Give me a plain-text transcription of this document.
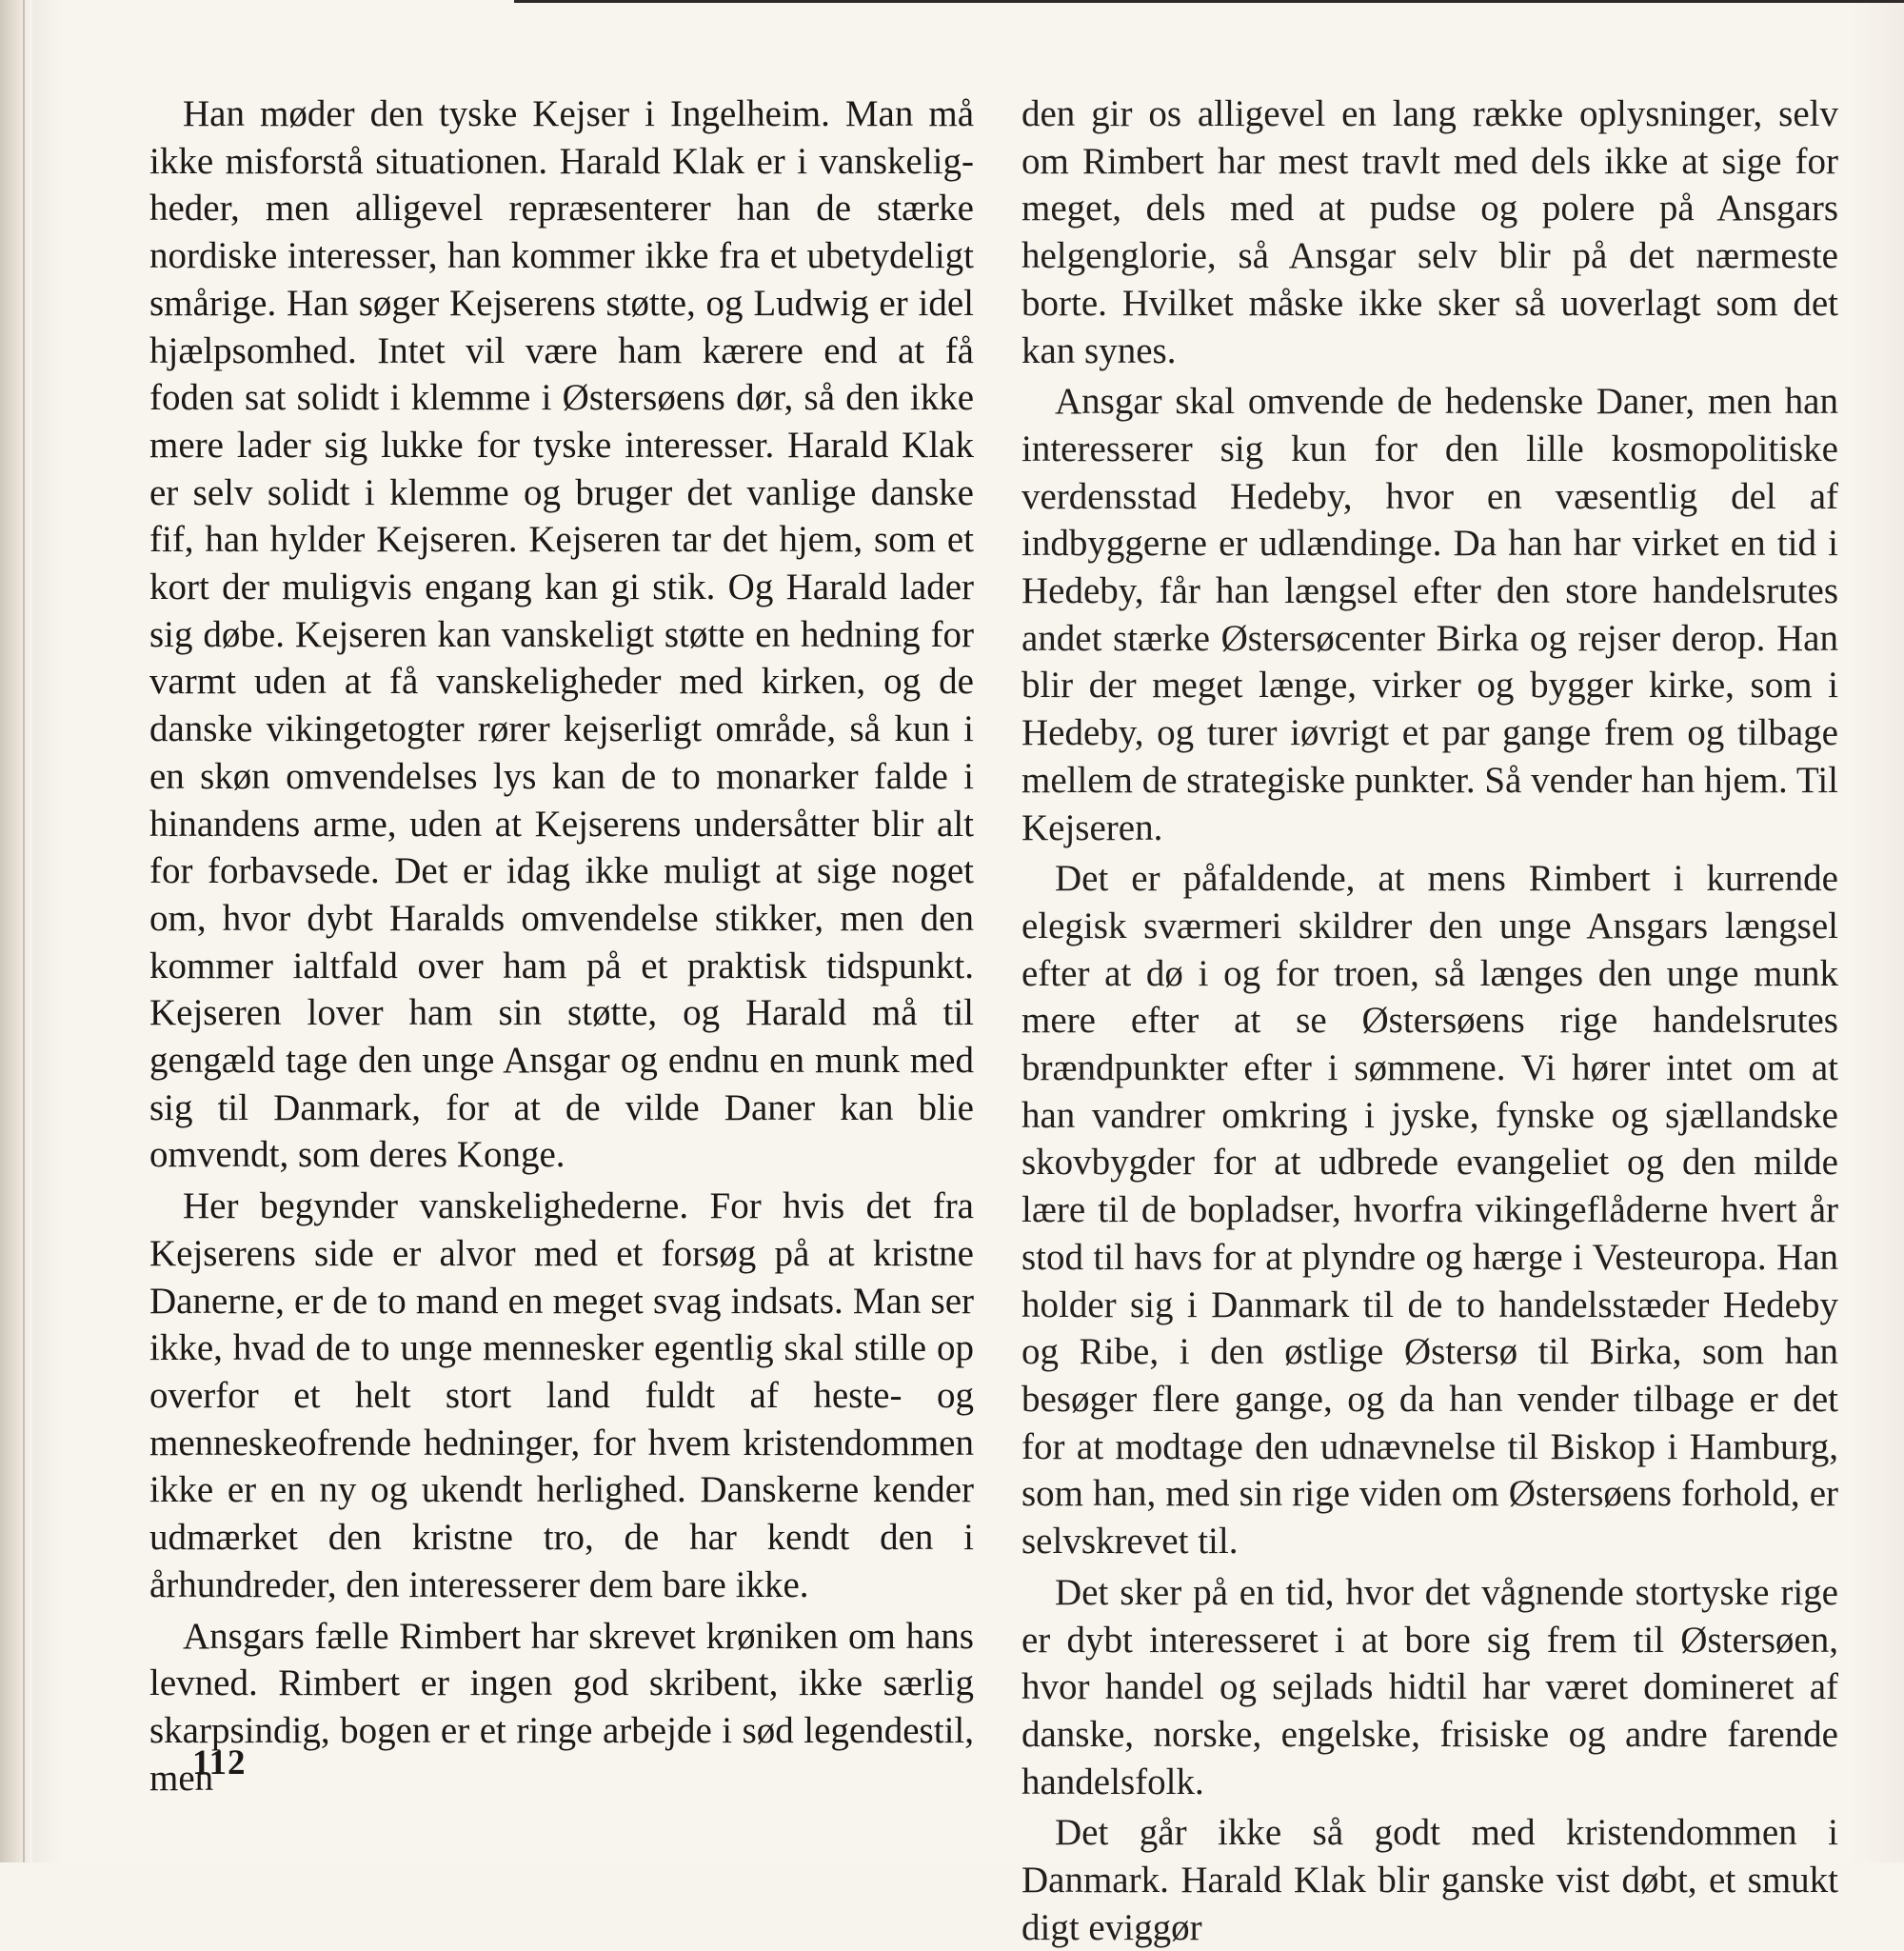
Han møder den tyske Kejser i Ingelheim. Man må ikke misforstå situationen. Harald Klak er i vanskeligheder, men alligevel repræsenterer han de stærke nordiske interesser, han kommer ikke fra et ubetydeligt smårige. Han søger Kejserens støtte, og Ludwig er idel hjælpsomhed. Intet vil være ham kærere end at få foden sat solidt i klemme i Østersøens dør, så den ikke mere lader sig lukke for tyske interesser. Harald Klak er selv solidt i klemme og bruger det vanlige danske fif, han hylder Kejseren. Kejseren tar det hjem, som et kort der muligvis engang kan gi stik. Og Harald lader sig døbe. Kejseren kan vanskeligt støtte en hedning for varmt uden at få vanskeligheder med kirken, og de danske vikingetogter rører kejserligt område, så kun i en skøn omvendelses lys kan de to monarker falde i hinandens arme, uden at Kejserens undersåtter blir alt for forbavsede. Det er idag ikke muligt at sige noget om, hvor dybt Haralds omvendelse stikker, men den kommer ialtfald over ham på et praktisk tidspunkt. Kejseren lover ham sin støtte, og Harald må til gengæld tage den unge Ansgar og endnu en munk med sig til Danmark, for at de vilde Daner kan blie omvendt, som deres Konge.

Her begynder vanskelighederne. For hvis det fra Kejserens side er alvor med et forsøg på at kristne Danerne, er de to mand en meget svag indsats. Man ser ikke, hvad de to unge mennesker egentlig skal stille op overfor et helt stort land fuldt af heste- og menneskeofrende hedninger, for hvem kristendommen ikke er en ny og ukendt herlighed. Danskerne kender udmærket den kristne tro, de har kendt den i århundreder, den interesserer dem bare ikke.

Ansgars fælle Rimbert har skrevet krøniken om hans levned. Rimbert er ingen god skribent, ikke særlig skarpsindig, bogen er et ringe arbejde i sød legendestil, men

den gir os alligevel en lang række oplysninger, selv om Rimbert har mest travlt med dels ikke at sige for meget, dels med at pudse og polere på Ansgars helgenglorie, så Ansgar selv blir på det nærmeste borte. Hvilket måske ikke sker så uoverlagt som det kan synes.

Ansgar skal omvende de hedenske Daner, men han interesserer sig kun for den lille kosmopolitiske verdensstad Hedeby, hvor en væsentlig del af indbyggerne er udlændinge. Da han har virket en tid i Hedeby, får han længsel efter den store handelsrutes andet stærke Østersøcenter Birka og rejser derop. Han blir der meget længe, virker og bygger kirke, som i Hedeby, og turer iøvrigt et par gange frem og tilbage mellem de strategiske punkter. Så vender han hjem. Til Kejseren.

Det er påfaldende, at mens Rimbert i kurrende elegisk sværmeri skildrer den unge Ansgars længsel efter at dø i og for troen, så længes den unge munk mere efter at se Østersøens rige handelsrutes brændpunkter efter i sømmene. Vi hører intet om at han vandrer omkring i jyske, fynske og sjællandske skovbygder for at udbrede evangeliet og den milde lære til de bopladser, hvorfra vikingeflåderne hvert år stod til havs for at plyndre og hærge i Vesteuropa. Han holder sig i Danmark til de to handelsstæder Hedeby og Ribe, i den østlige Østersø til Birka, som han besøger flere gange, og da han vender tilbage er det for at modtage den udnævnelse til Biskop i Hamburg, som han, med sin rige viden om Østersøens forhold, er selvskrevet til.

Det sker på en tid, hvor det vågnende stortyske rige er dybt interesseret i at bore sig frem til Østersøen, hvor handel og sejlads hidtil har været domineret af danske, norske, engelske, frisiske og andre farende handelsfolk.

Det går ikke så godt med kristendommen i Danmark. Harald Klak blir ganske vist døbt, et smukt digt eviggør

112
